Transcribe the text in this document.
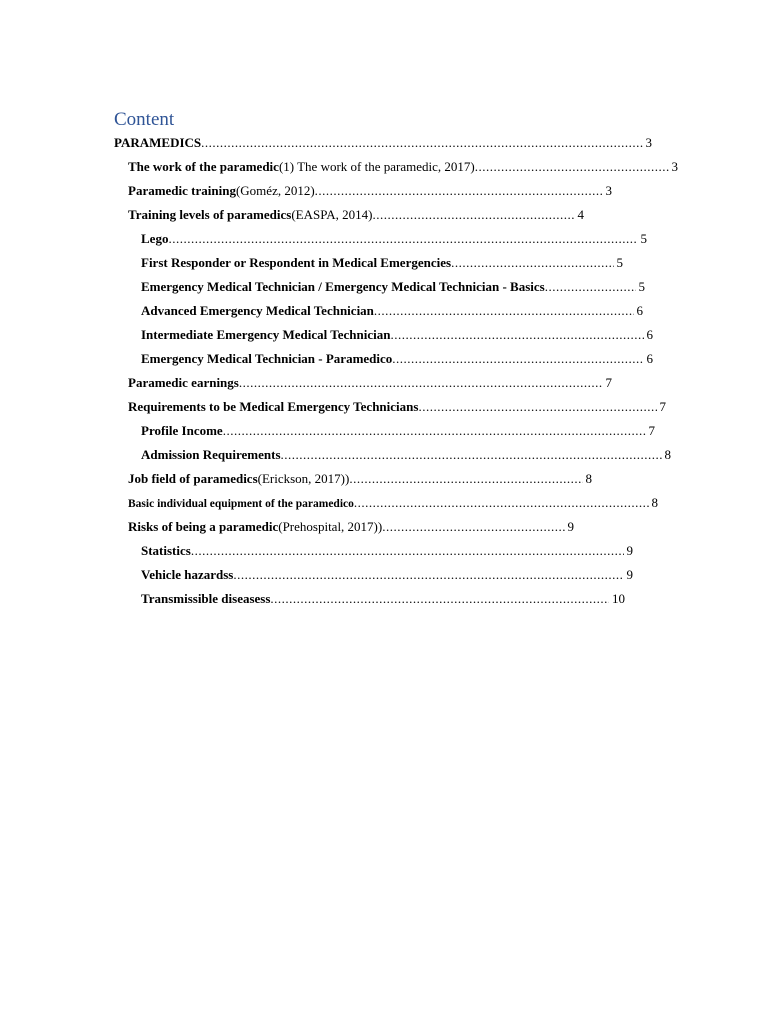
Content
PARAMEDICS .....	3
The work of the paramedic (1) The work of the paramedic, 2017) .....	3
Paramedic training (Goméz, 2012) .....	3
Training levels of paramedics (EASPA, 2014) .....	4
Lego .....	5
First Responder or Respondent in Medical Emergencies .....	5
Emergency Medical Technician / Emergency Medical Technician - Basics .....	5
Advanced Emergency Medical Technician .....	6
Intermediate Emergency Medical Technician .....	6
Emergency Medical Technician - Paramedico .....	6
Paramedic earnings .....	7
Requirements to be Medical Emergency Technicians .....	7
Profile Income .....	7
Admission Requirements .....	8
Job field of paramedics (Erickson, 2017)) .....	8
Basic individual equipment of the paramedico .....	8
Risks of being a paramedic (Prehospital, 2017)) .....	9
Statistics .....	9
Vehicle hazardss .....	9
Transmissible diseasess .....	10
